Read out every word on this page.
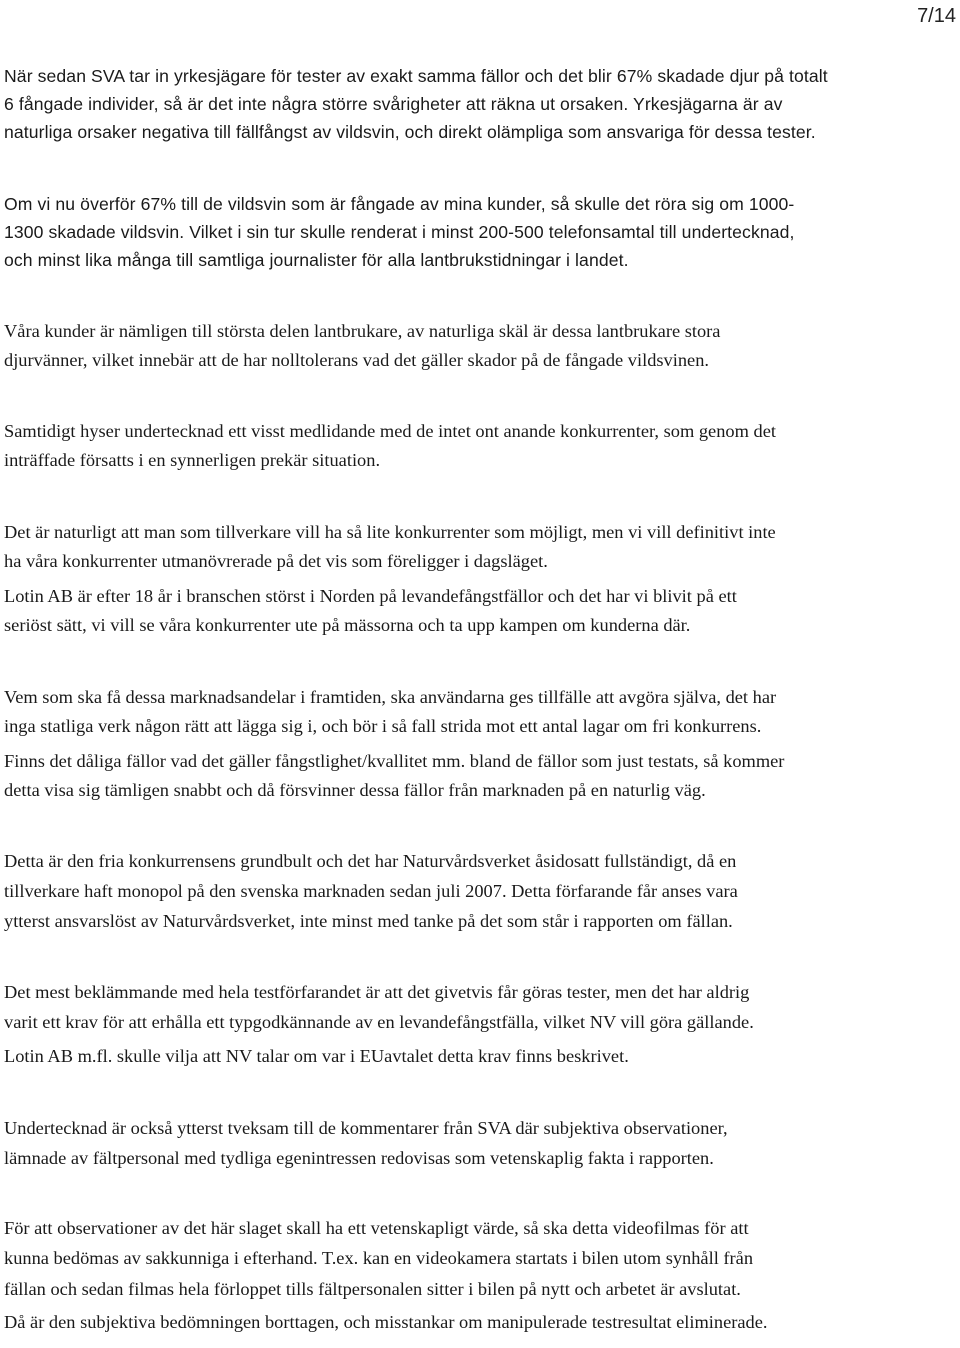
7/14
När sedan SVA tar in yrkesjägare för tester av exakt samma fällor och det blir 67% skadade djur på totalt
6 fångade individer, så är det inte några större svårigheter att räkna ut orsaken. Yrkesjägarna är av
naturliga orsaker negativa till fällfångst av vildsvin, och direkt olämpliga som ansvariga för dessa tester.
Om vi nu överför 67% till de vildsvin som är fångade av mina kunder, så skulle det röra sig om 1000-
1300 skadade vildsvin. Vilket i sin tur skulle renderat i minst 200-500 telefonsamtal till undertecknad,
och minst lika många till samtliga journalister för alla lantbrukstidningar i landet.
Våra kunder är nämligen till största delen lantbrukare, av naturliga skäl är dessa lantbrukare stora
djurvänner, vilket innebär att de har nolltolerans vad det gäller skador på de fångade vildsvinen.
Samtidigt hyser undertecknad ett visst medlidande med de intet ont anande konkurrenter, som genom det
inträffade försatts i en synnerligen prekär situation.
Det är naturligt att man som tillverkare vill ha så lite konkurrenter som möjligt, men vi vill definitivt inte
ha våra konkurrenter utmanövrerade på det vis som föreligger i dagsläget.
Lotin AB är efter 18 år i branschen störst i Norden på levandefångstfällor och det har vi blivit på ett
seriöst sätt, vi vill se våra konkurrenter ute på mässorna och ta upp kampen om kunderna där.
Vem som ska få dessa marknadsandelar i framtiden, ska användarna ges tillfälle att avgöra själva, det har
inga statliga verk någon rätt att lägga sig i, och bör i så fall strida mot ett antal lagar om fri konkurrens.
Finns det dåliga fällor vad det gäller fångstlighet/kvallitet mm. bland de fällor som just testats, så kommer
detta visa sig tämligen snabbt och då försvinner dessa fällor från marknaden på en naturlig väg.
Detta är den fria konkurrensens grundbult och det har Naturvårdsverket åsidosatt fullständigt, då en
tillverkare haft monopol på den svenska marknaden sedan juli 2007. Detta förfarande får anses vara
ytterst ansvarslöst av Naturvårdsverket, inte minst med tanke på det som står i rapporten om fällan.
Det mest beklämmande med hela testförfarandet är att det givetvis får göras tester, men det har aldrig
varit ett krav för att erhålla ett typgodkännande av en levandefångstfälla, vilket NV vill göra gällande.
Lotin AB m.fl. skulle vilja att NV talar om var i EUavtalet detta krav finns beskrivet.
Undertecknad är också ytterst tveksam till de kommentarer från SVA där subjektiva observationer,
lämnade av fältpersonal med tydliga egenintressen redovisas som vetenskaplig fakta i rapporten.
För att observationer av det här slaget skall ha ett vetenskapligt värde, så ska detta videofilmas för att
kunna bedömas av sakkunniga i efterhand. T.ex. kan en videokamera startats i bilen utom synhåll från
fällan och sedan filmas hela förloppet tills fältpersonalen sitter i bilen på nytt och arbetet är avslutat.
Då är den subjektiva bedömningen borttagen, och misstankar om manipulerade testresultat eliminerade.
